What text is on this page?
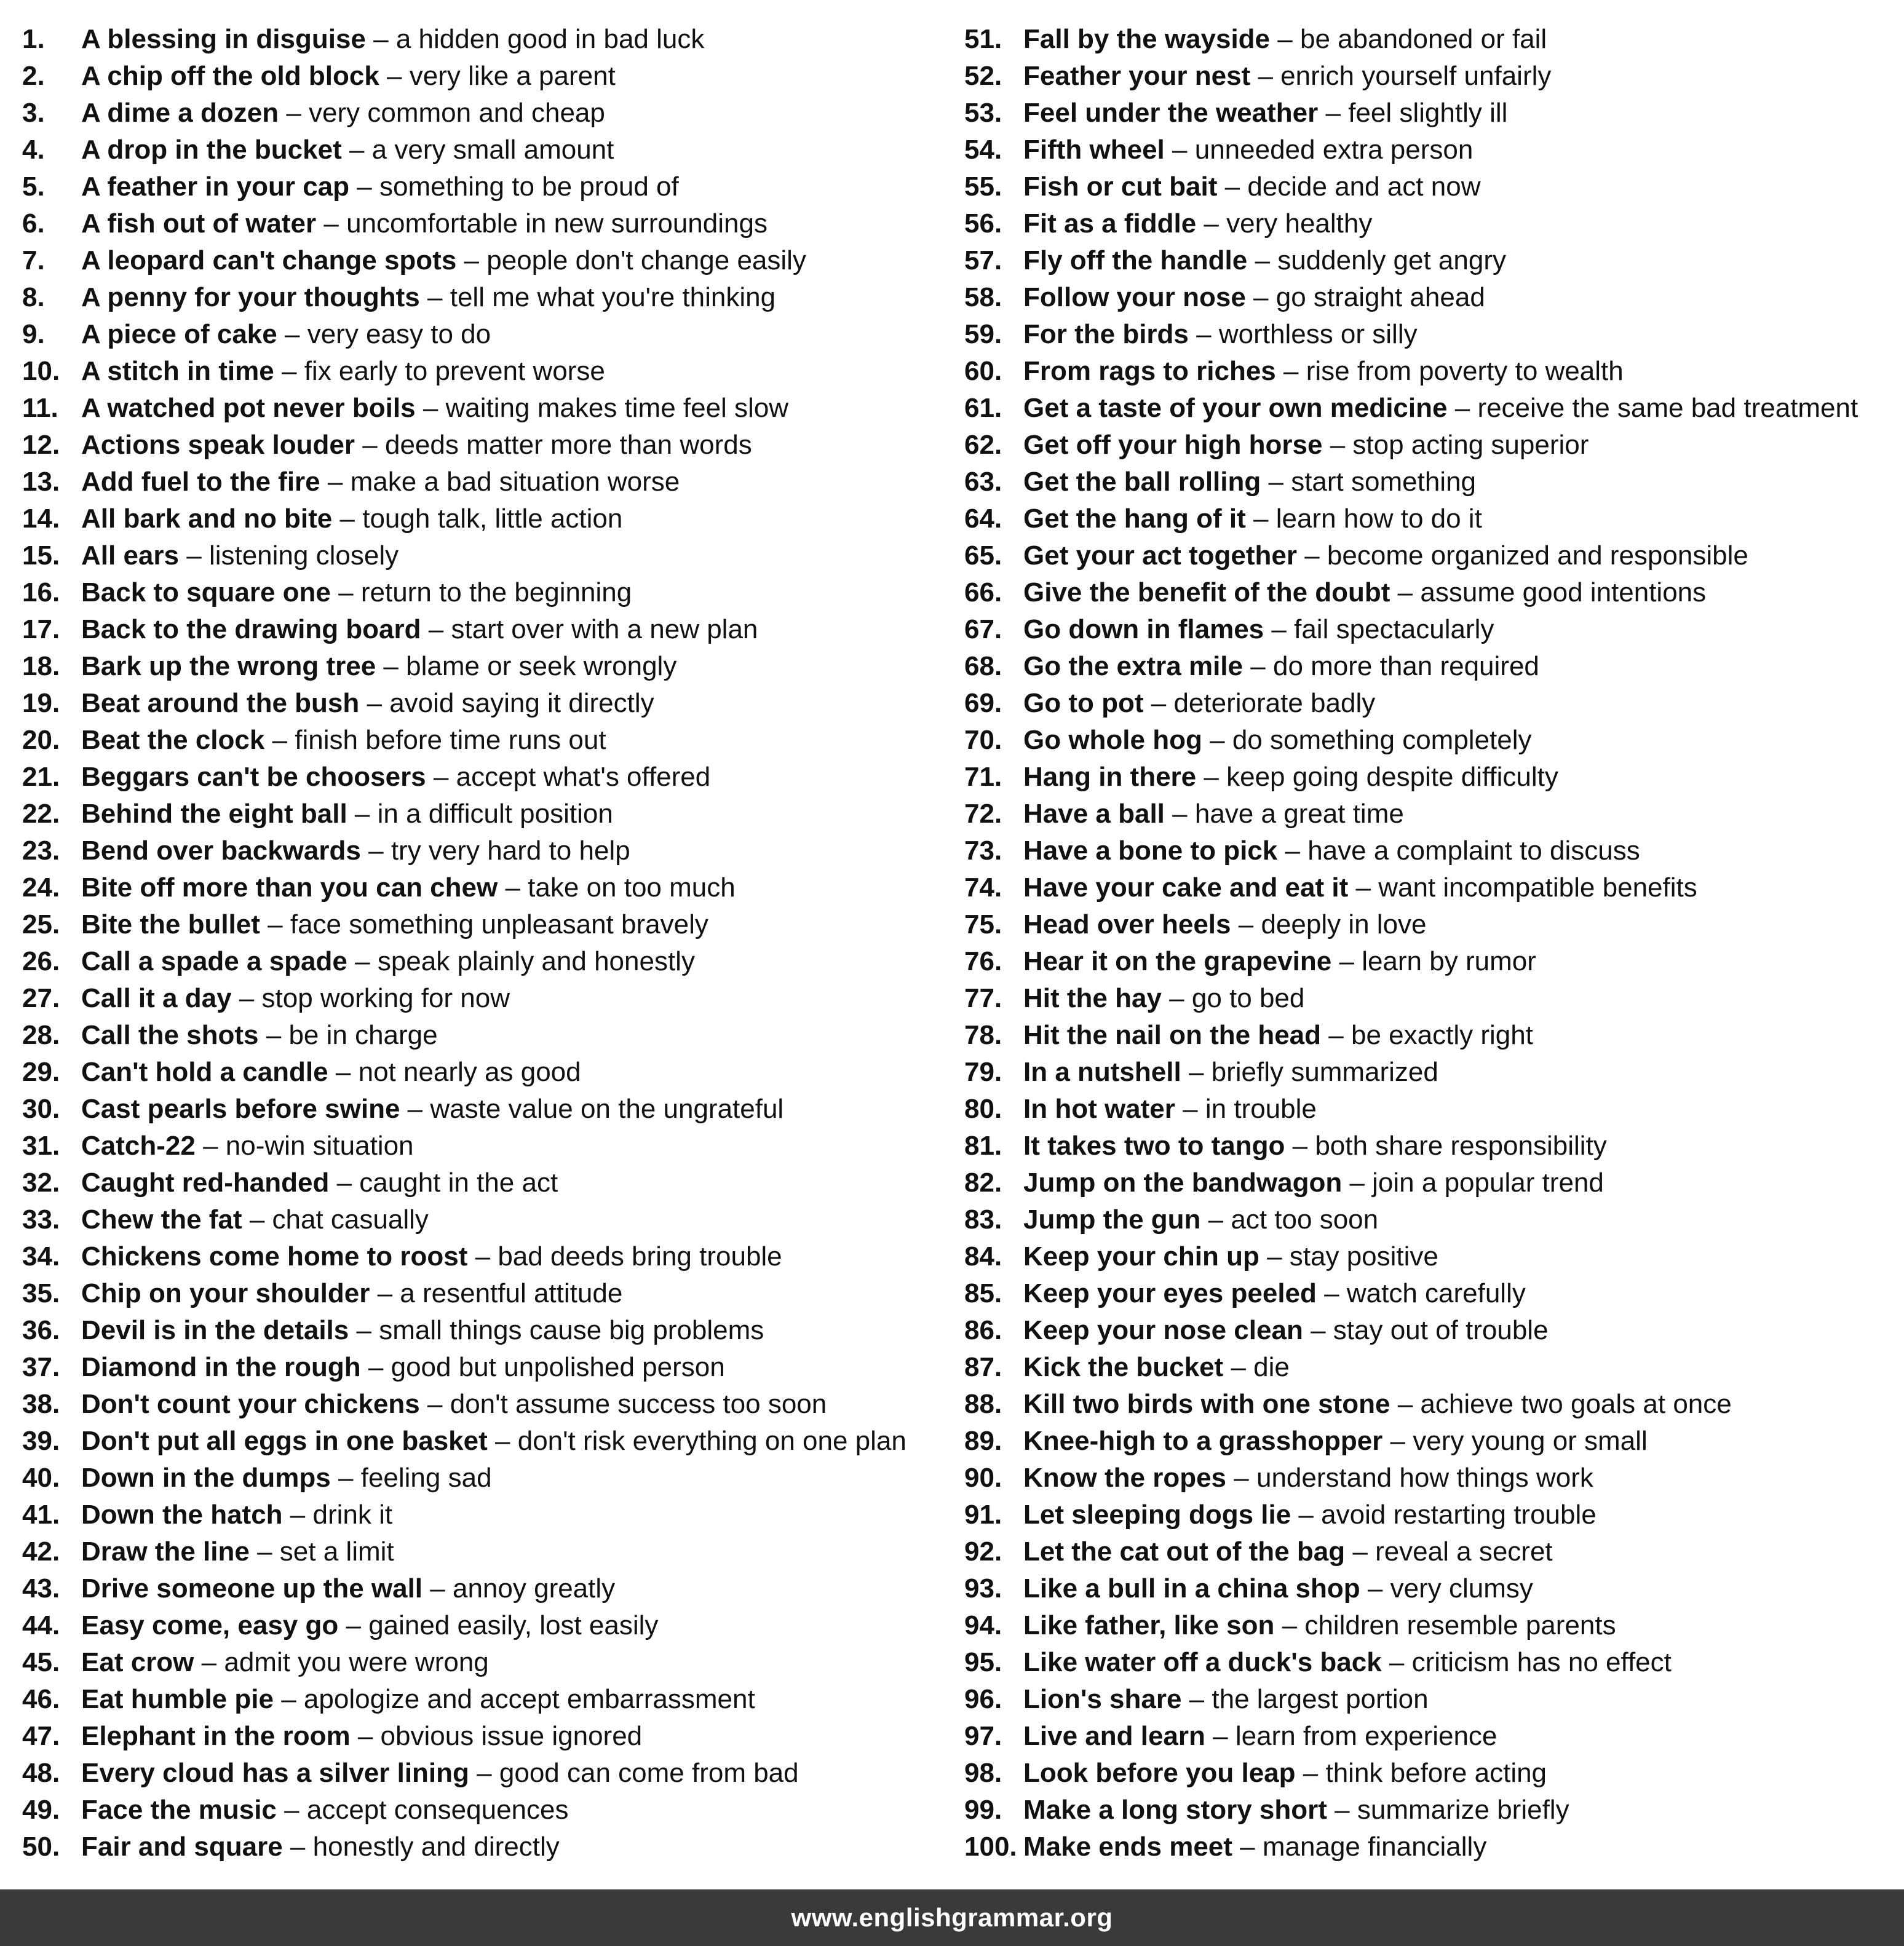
1.	A blessing in disguise – a hidden good in bad luck
2.	A chip off the old block – very like a parent
3.	A dime a dozen – very common and cheap
4.	A drop in the bucket – a very small amount
5.	A feather in your cap – something to be proud of
6.	A fish out of water – uncomfortable in new surroundings
7.	A leopard can't change spots – people don't change easily
8.	A penny for your thoughts – tell me what you're thinking
9.	A piece of cake – very easy to do
10. A stitch in time – fix early to prevent worse
11. A watched pot never boils – waiting makes time feel slow
12. Actions speak louder – deeds matter more than words
13. Add fuel to the fire – make a bad situation worse
14. All bark and no bite – tough talk, little action
15. All ears – listening closely
16. Back to square one – return to the beginning
17. Back to the drawing board – start over with a new plan
18. Bark up the wrong tree – blame or seek wrongly
19. Beat around the bush – avoid saying it directly
20. Beat the clock – finish before time runs out
21. Beggars can't be choosers – accept what's offered
22. Behind the eight ball – in a difficult position
23. Bend over backwards – try very hard to help
24. Bite off more than you can chew – take on too much
25. Bite the bullet – face something unpleasant bravely
26. Call a spade a spade – speak plainly and honestly
27. Call it a day – stop working for now
28. Call the shots – be in charge
29. Can't hold a candle – not nearly as good
30. Cast pearls before swine – waste value on the ungrateful
31. Catch-22 – no-win situation
32. Caught red-handed – caught in the act
33. Chew the fat – chat casually
34. Chickens come home to roost – bad deeds bring trouble
35. Chip on your shoulder – a resentful attitude
36. Devil is in the details – small things cause big problems
37. Diamond in the rough – good but unpolished person
38. Don't count your chickens – don't assume success too soon
39. Don't put all eggs in one basket – don't risk everything on one plan
40. Down in the dumps – feeling sad
41. Down the hatch – drink it
42. Draw the line – set a limit
43. Drive someone up the wall – annoy greatly
44. Easy come, easy go – gained easily, lost easily
45. Eat crow – admit you were wrong
46. Eat humble pie – apologize and accept embarrassment
47. Elephant in the room – obvious issue ignored
48. Every cloud has a silver lining – good can come from bad
49. Face the music – accept consequences
50. Fair and square – honestly and directly
51. Fall by the wayside – be abandoned or fail
52. Feather your nest – enrich yourself unfairly
53. Feel under the weather – feel slightly ill
54. Fifth wheel – unneeded extra person
55. Fish or cut bait – decide and act now
56. Fit as a fiddle – very healthy
57. Fly off the handle – suddenly get angry
58. Follow your nose – go straight ahead
59. For the birds – worthless or silly
60. From rags to riches – rise from poverty to wealth
61. Get a taste of your own medicine – receive the same bad treatment
62. Get off your high horse – stop acting superior
63. Get the ball rolling – start something
64. Get the hang of it – learn how to do it
65. Get your act together – become organized and responsible
66. Give the benefit of the doubt – assume good intentions
67. Go down in flames – fail spectacularly
68. Go the extra mile – do more than required
69. Go to pot – deteriorate badly
70. Go whole hog – do something completely
71. Hang in there – keep going despite difficulty
72. Have a ball – have a great time
73. Have a bone to pick – have a complaint to discuss
74. Have your cake and eat it – want incompatible benefits
75. Head over heels – deeply in love
76. Hear it on the grapevine – learn by rumor
77. Hit the hay – go to bed
78. Hit the nail on the head – be exactly right
79. In a nutshell – briefly summarized
80. In hot water – in trouble
81. It takes two to tango – both share responsibility
82. Jump on the bandwagon – join a popular trend
83. Jump the gun – act too soon
84. Keep your chin up – stay positive
85. Keep your eyes peeled – watch carefully
86. Keep your nose clean – stay out of trouble
87. Kick the bucket – die
88. Kill two birds with one stone – achieve two goals at once
89. Knee-high to a grasshopper – very young or small
90. Know the ropes – understand how things work
91. Let sleeping dogs lie – avoid restarting trouble
92. Let the cat out of the bag – reveal a secret
93. Like a bull in a china shop – very clumsy
94. Like father, like son – children resemble parents
95. Like water off a duck's back – criticism has no effect
96. Lion's share – the largest portion
97. Live and learn – learn from experience
98. Look before you leap – think before acting
99. Make a long story short – summarize briefly
100. Make ends meet – manage financially
www.englishgrammar.org
